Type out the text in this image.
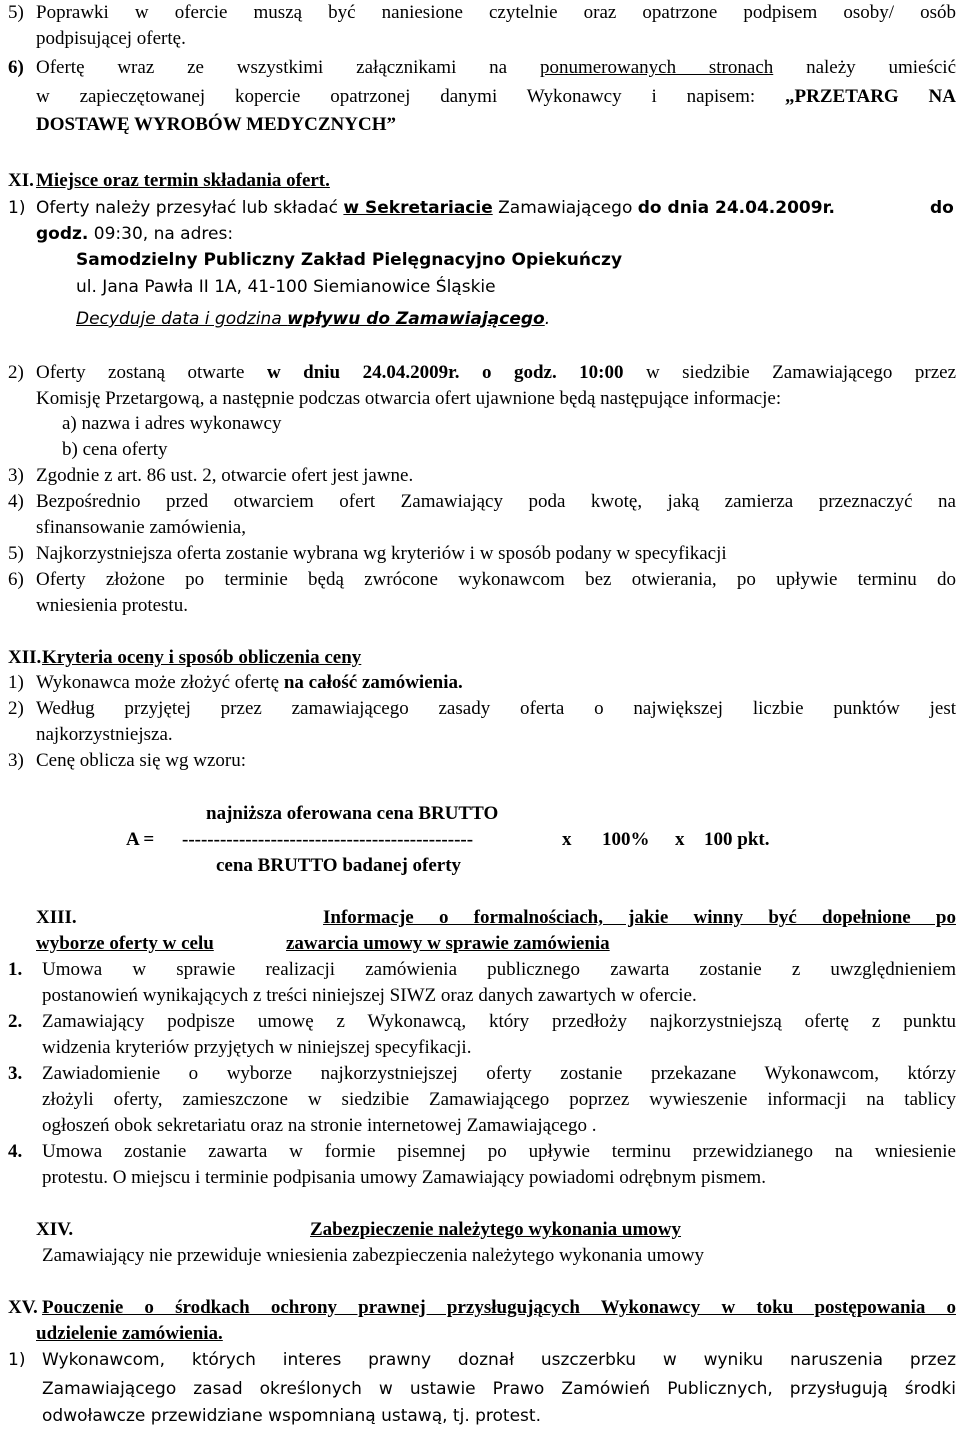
5) Poprawki w ofercie muszą być naniesione czytelnie oraz opatrzone podpisem osoby/ osób
podpisującej ofertę.
6) Ofertę wraz ze wszystkimi załącznikami na ponumerowanych stronach należy umieścić
w zapieczętowanej kopercie opatrzonej danymi Wykonawcy i napisem: „PRZETARG NA
DOSTAWĘ WYROBÓW MEDYCZNYCH”
XI. Miejsce oraz termin składania ofert.
1) Oferty należy przesyłać lub składać w Sekretariacie Zamawiającego do dnia 24.04.2009r.	do
godz. 09:30, na adres:
Samodzielny Publiczny Zakład Pielęgnacyjno Opiekuńczy
ul. Jana Pawła II 1A, 41-100 Siemianowice Śląskie
Decyduje data i godzina wpływu do Zamawiającego.
2) Oferty zostaną otwarte w dniu 24.04.2009r. o godz. 10:00 w siedzibie Zamawiającego przez
Komisję Przetargową, a następnie podczas otwarcia ofert ujawnione będą następujące informacje:
a) nazwa i adres wykonawcy
b) cena oferty
3) Zgodnie z art. 86 ust. 2, otwarcie ofert jest jawne.
4) Bezpośrednio przed otwarciem ofert Zamawiający poda kwotę, jaką zamierza przeznaczyć na
sfinansowanie zamówienia,
5) Najkorzystniejsza oferta zostanie wybrana wg kryteriów i w sposób podany w specyfikacji
6) Oferty złożone po terminie będą zwrócone wykonawcom bez otwierania, po upływie terminu do
wniesienia protestu.
XII. Kryteria oceny i sposób obliczenia ceny
1) Wykonawca może złożyć ofertę na całość zamówienia.
2) Według przyjętej przez zamawiającego zasady oferta o największej liczbie punktów jest
najkorzystniejsza.
3) Cenę oblicza się wg wzoru:
najniższa oferowana cena BRUTTO
A = ----------------------------------------------	x 100% x 100 pkt.
cena BRUTTO badanej oferty
XIII.	Informacje o formalnościach, jakie winny być dopełnione po
wyborze oferty w celu	zawarcia umowy w sprawie zamówienia
1. Umowa w sprawie realizacji zamówienia publicznego zawarta zostanie z uwzględnieniem
postanowień wynikających z treści niniejszej SIWZ oraz danych zawartych w ofercie.
2. Zamawiający podpisze umowę z Wykonawcą, który przedłoży najkorzystniejszą ofertę z punktu
widzenia kryteriów przyjętych w niniejszej specyfikacji.
3. Zawiadomienie o wyborze najkorzystniejszej oferty zostanie przekazane Wykonawcom, którzy
złożyli oferty, zamieszczone w siedzibie Zamawiającego poprzez wywieszenie informacji na tablicy
ogłoszeń obok sekretariatu oraz na stronie internetowej Zamawiającego .
4. Umowa zostanie zawarta w formie pisemnej po upływie terminu przewidzianego na wniesienie
protestu. O miejscu i terminie podpisania umowy Zamawiający powiadomi odrębnym pismem.
XIV.	Zabezpieczenie należytego wykonania umowy
Zamawiający nie przewiduje wniesienia zabezpieczenia należytego wykonania umowy
XV. Pouczenie o środkach ochrony prawnej przysługujących Wykonawcy w toku postępowania o
udzielenie zamówienia.
1) Wykonawcom, których interes prawny doznał uszczerbku w wyniku naruszenia przez
Zamawiającego zasad określonych w ustawie Prawo Zamówień Publicznych, przysługują środki
odwoławcze przewidziane wspomnianą ustawą, tj. protest.
